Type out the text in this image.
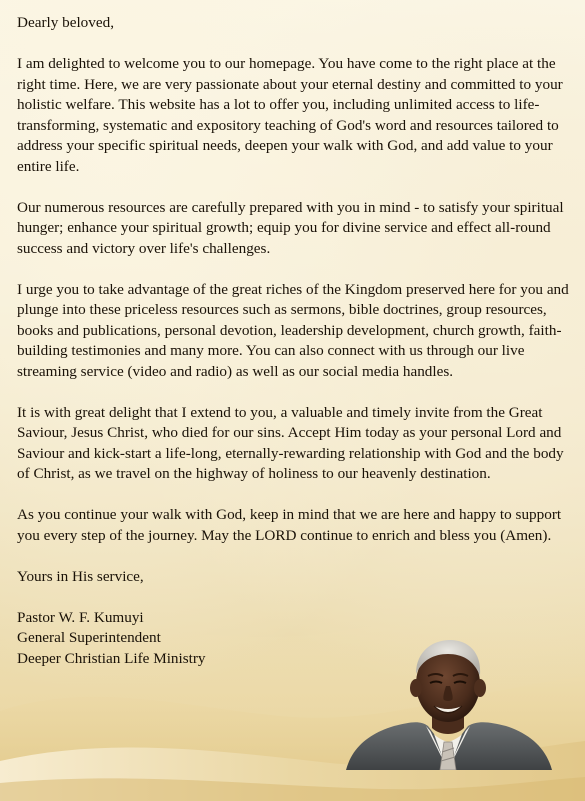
Dearly beloved,

I am delighted to welcome you to our homepage. You have come to the right place at the right time. Here, we are very passionate about your eternal destiny and committed to your holistic welfare. This website has a lot to offer you, including unlimited access to life-transforming, systematic and expository teaching of God's word and resources tailored to address your specific spiritual needs, deepen your walk with God, and add value to your entire life.

Our numerous resources are carefully prepared with you in mind - to satisfy your spiritual hunger; enhance your spiritual growth; equip you for divine service and effect all-round success and victory over life's challenges.

I urge you to take advantage of the great riches of the Kingdom preserved here for you and plunge into these priceless resources such as sermons, bible doctrines, group resources, books and publications, personal devotion, leadership development, church growth, faith-building testimonies and many more. You can also connect with us through our live streaming service (video and radio) as well as our social media handles.

It is with great delight that I extend to you, a valuable and timely invite from the Great Saviour, Jesus Christ, who died for our sins. Accept Him today as your personal Lord and Saviour and kick-start a life-long, eternally-rewarding relationship with God and the body of Christ, as we travel on the highway of holiness to our heavenly destination.

As you continue your walk with God, keep in mind that we are here and happy to support you every step of the journey. May the LORD continue to enrich and bless you (Amen).

Yours in His service,

Pastor W. F. Kumuyi

General Superintendent

Deeper Christian Life Ministry
